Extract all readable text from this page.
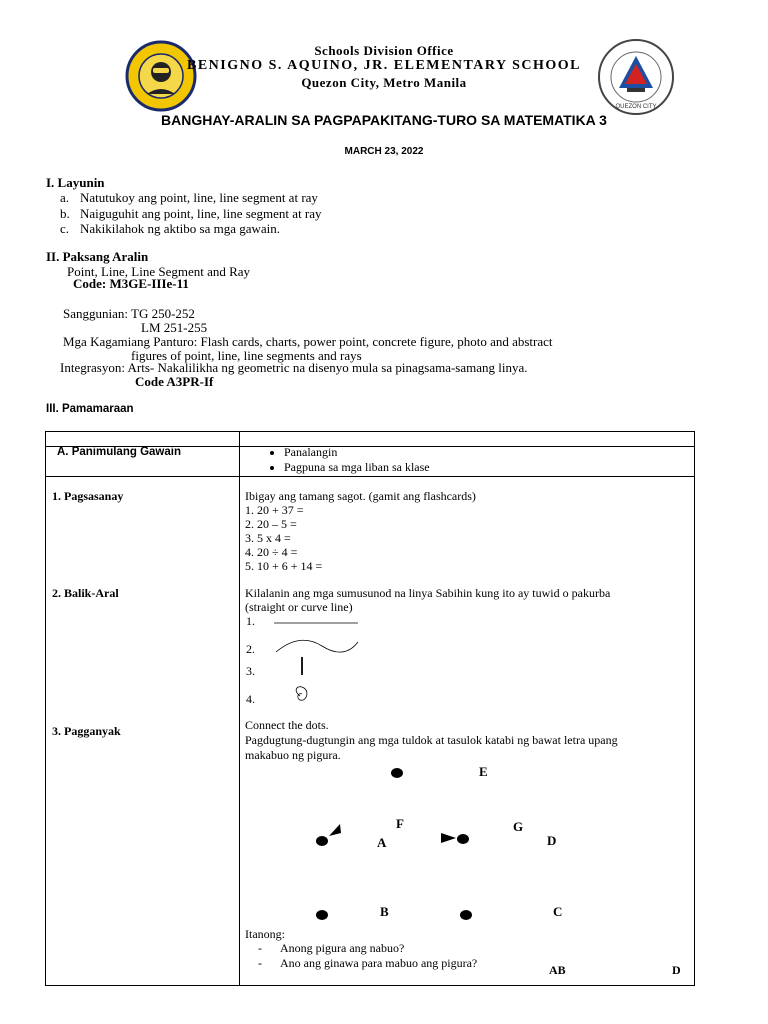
QUEZON CITY
Schools Division Office
BENIGNO S. AQUINO, JR. ELEMENTARY SCHOOL
Quezon City, Metro Manila
BANGHAY-ARALIN SA PAGPAPAKITANG-TURO SA MATEMATIKA 3
MARCH 23, 2022
I. Layunin
a. Natutukoy ang point, line, line segment at ray
b. Naiguguhit ang point, line, line segment at ray
c. Nakikilahok ng aktibo sa mga gawain.
II. Paksang Aralin
Point, Line, Line Segment and Ray
Code: M3GE-IIIe-11
Sanggunian: TG 250-252
LM 251-255
Mga Kagamiang Panturo: Flash cards, charts, power point, concrete figure, photo and abstract
figures of point, line, line segments and rays
Integrasyon: Arts- Nakalilikha ng geometric na disenyo mula sa pinagsama-samang linya.
Code A3PR-If
III. Pamamaraan
A. Panimulang Gawain
•	Panalangin
• Pagpuna sa mga liban sa klase
1. Pagsasanay	Ibigay ang tamang sagot. (gamit ang flashcards)
1. 20 + 37 =
2. 20 – 5 =
3. 5 x 4 =
4. 20 ÷ 4 =
5. 10 + 6 + 14 =
2. Balik-Aral	Kilalanin ang mga sumusunod na linya Sabihin kung ito ay tuwid o pakurba
(straight or curve line)
1.
2.
3.
4.
3. Pagganyak	Connect the dots.
Pagdugtung-dugtungin ang mga tuldok at tasulok katabi ng bawat letra upang
makabuo ng pigura.
E
F	G
A	D
B	C
Itanong:
- Anong pigura ang nabuo?
- Ano ang ginawa para mabuo ang pigura?	AB	D
